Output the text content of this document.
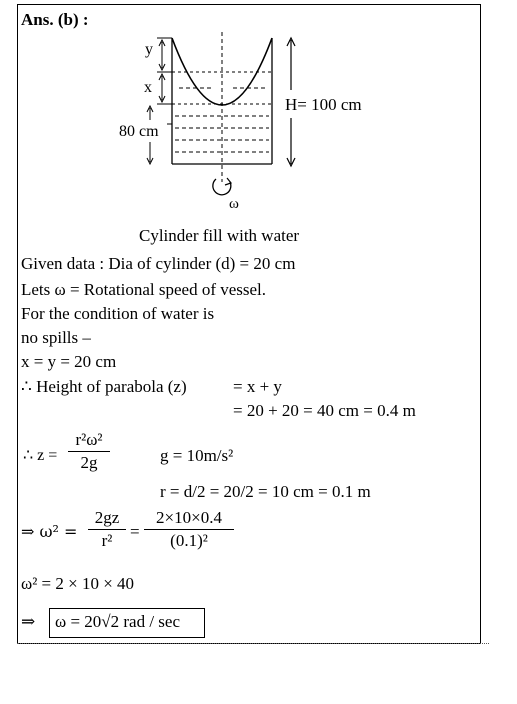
Ans. (b) :
y
x
80 cm
H= 100 cm
ω
Cylinder fill with water
Given data : Dia of cylinder (d) = 20 cm
Lets ω = Rotational speed of vessel.
For the condition of water is
no spills –
x = y = 20 cm
∴ Height of parabola (z)	= x + y
= 20 + 20 = 40 cm = 0.4 m
∴ z =
r²ω²
2g	g = 10m/s²
r = d/2 = 20/2 = 10 cm = 0.1 m
⇒ ω² =
2gz
r²	=
2×10×0.4
(0.1)²
ω² = 2 × 10 × 40
⇒ ω = 20√2 rad / sec
